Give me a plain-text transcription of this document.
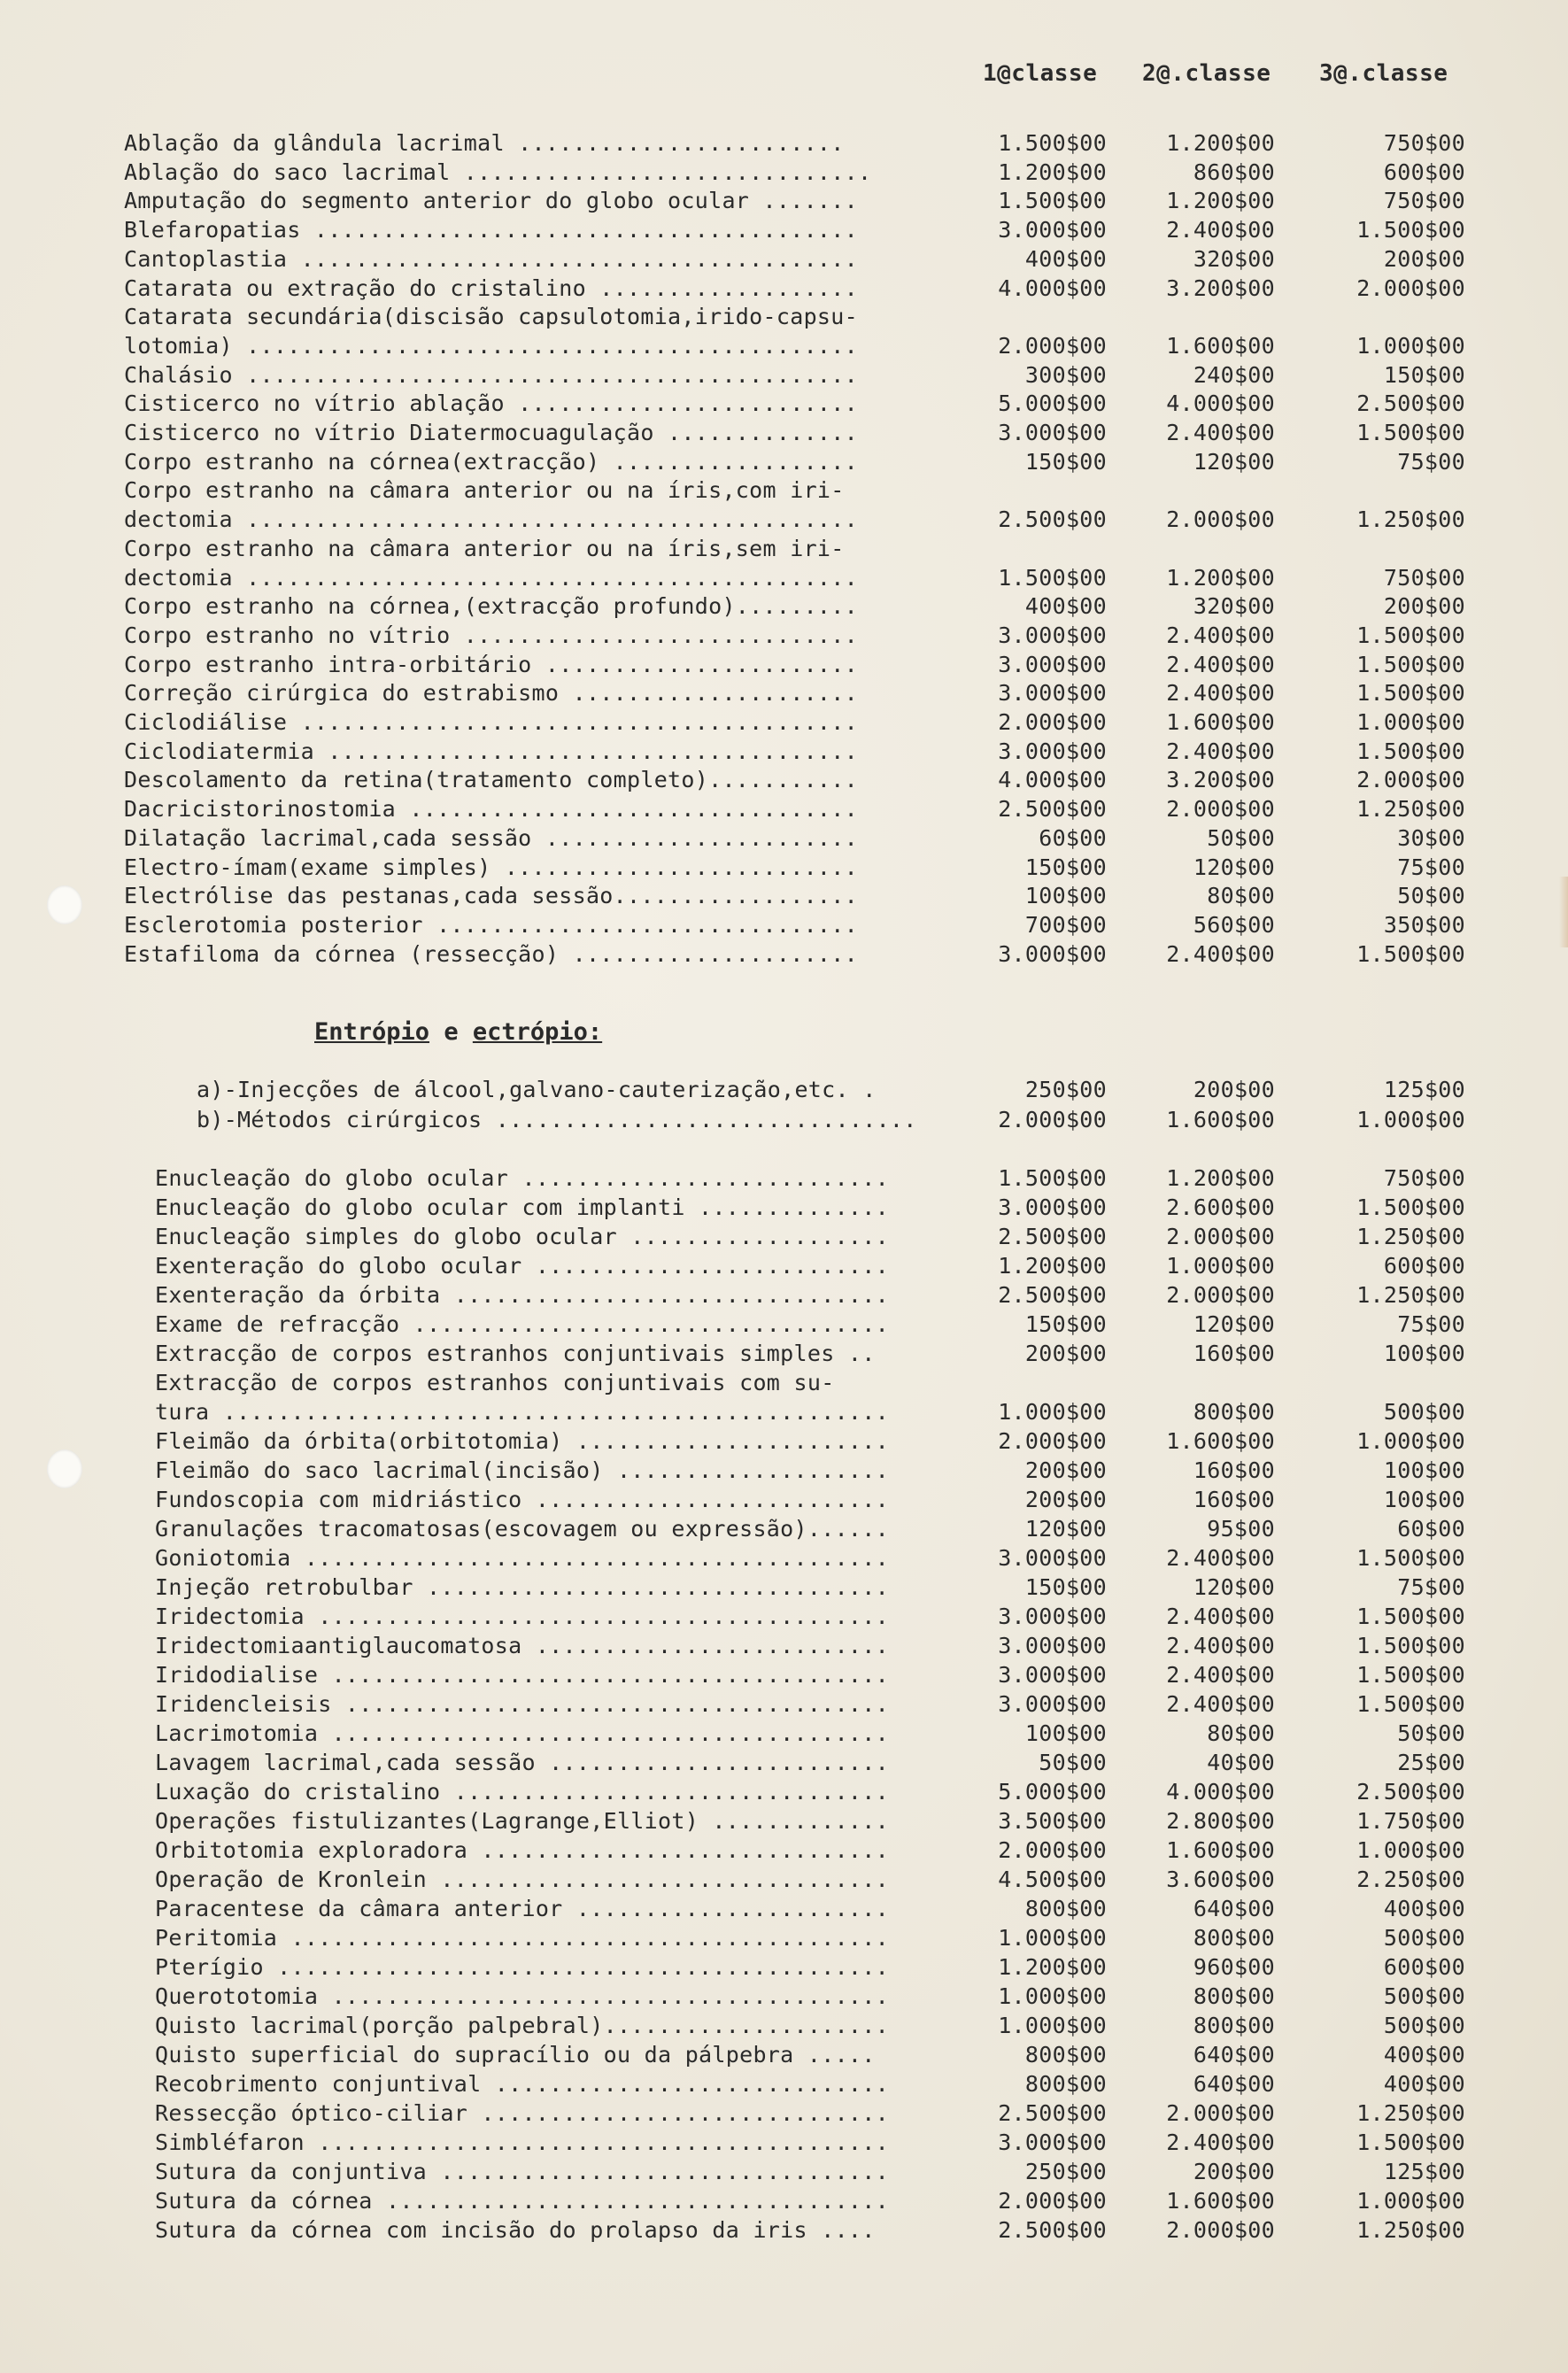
1@classe 2@.classe 3@.classe
Ablação da glândula lacrimal ........................	1.500$00	1.200$00	750$00
Ablação do saco lacrimal ..............................	1.200$00	860$00	600$00
Amputação do segmento anterior do globo ocular .......	1.500$00	1.200$00	750$00
Blefaropatias ........................................	3.000$00	2.400$00	1.500$00
Cantoplastia .........................................	400$00	320$00	200$00
Catarata ou extração do cristalino ...................	4.000$00	3.200$00	2.000$00
Catarata secundária(discisão capsulotomia,irido-capsu-
lotomia) .............................................	2.000$00	1.600$00	1.000$00
Chalásio .............................................	300$00	240$00	150$00
Cisticerco no vítrio ablação .........................	5.000$00	4.000$00	2.500$00
Cisticerco no vítrio Diatermocuagulação ..............	3.000$00	2.400$00	1.500$00
Corpo estranho na córnea(extracção) ..................	150$00	120$00	75$00
Corpo estranho na câmara anterior ou na íris,com iri-
dectomia .............................................	2.500$00	2.000$00	1.250$00
Corpo estranho na câmara anterior ou na íris,sem iri-
dectomia .............................................	1.500$00	1.200$00	750$00
Corpo estranho na córnea,(extracção profundo).........	400$00	320$00	200$00
Corpo estranho no vítrio .............................	3.000$00	2.400$00	1.500$00
Corpo estranho intra-orbitário .......................	3.000$00	2.400$00	1.500$00
Correção cirúrgica do estrabismo .....................	3.000$00	2.400$00	1.500$00
Ciclodiálise .........................................	2.000$00	1.600$00	1.000$00
Ciclodiatermia .......................................	3.000$00	2.400$00	1.500$00
Descolamento da retina(tratamento completo)...........	4.000$00	3.200$00	2.000$00
Dacricistorinostomia .................................	2.500$00	2.000$00	1.250$00
Dilatação lacrimal,cada sessão .......................	60$00	50$00	30$00
Electro-ímam(exame simples) ..........................	150$00	120$00	75$00
Electrólise das pestanas,cada sessão..................	100$00	80$00	50$00
Esclerotomia posterior ...............................	700$00	560$00	350$00
Estafiloma da córnea (ressecção) .....................	3.000$00	2.400$00	1.500$00
Entrópio e ectrópio:
a)-Injecções de álcool,galvano-cauterização,etc. .	250$00	200$00	125$00
b)-Métodos cirúrgicos ...............................	2.000$00	1.600$00	1.000$00
Enucleação do globo ocular ...........................	1.500$00	1.200$00	750$00
Enucleação do globo ocular com implanti ..............	3.000$00	2.600$00	1.500$00
Enucleação simples do globo ocular ...................	2.500$00	2.000$00	1.250$00
Exenteração do globo ocular ..........................	1.200$00	1.000$00	600$00
Exenteração da órbita ................................	2.500$00	2.000$00	1.250$00
Exame de refracção ...................................	150$00	120$00	75$00
Extracção de corpos estranhos conjuntivais simples ..	200$00	160$00	100$00
Extracção de corpos estranhos conjuntivais com su-
tura .................................................	1.000$00	800$00	500$00
Fleimão da órbita(orbitotomia) .......................	2.000$00	1.600$00	1.000$00
Fleimão do saco lacrimal(incisão) ....................	200$00	160$00	100$00
Fundoscopia com midriástico ..........................	200$00	160$00	100$00
Granulações tracomatosas(escovagem ou expressão)......	120$00	95$00	60$00
Goniotomia ...........................................	3.000$00	2.400$00	1.500$00
Injeção retrobulbar ..................................	150$00	120$00	75$00
Iridectomia ..........................................	3.000$00	2.400$00	1.500$00
Iridectomiaantiglaucomatosa ..........................	3.000$00	2.400$00	1.500$00
Iridodialise .........................................	3.000$00	2.400$00	1.500$00
Iridencleisis ........................................	3.000$00	2.400$00	1.500$00
Lacrimotomia .........................................	100$00	80$00	50$00
Lavagem lacrimal,cada sessão .........................	50$00	40$00	25$00
Luxação do cristalino ................................	5.000$00	4.000$00	2.500$00
Operações fistulizantes(Lagrange,Elliot) .............	3.500$00	2.800$00	1.750$00
Orbitotomia exploradora ..............................	2.000$00	1.600$00	1.000$00
Operação de Kronlein .................................	4.500$00	3.600$00	2.250$00
Paracentese da câmara anterior .......................	800$00	640$00	400$00
Peritomia ............................................	1.000$00	800$00	500$00
Pterígio .............................................	1.200$00	960$00	600$00
Querototomia .........................................	1.000$00	800$00	500$00
Quisto lacrimal(porção palpebral).....................	1.000$00	800$00	500$00
Quisto superficial do supracílio ou da pálpebra .....	800$00	640$00	400$00
Recobrimento conjuntival .............................	800$00	640$00	400$00
Ressecção óptico-ciliar ..............................	2.500$00	2.000$00	1.250$00
Simbléfaron ..........................................	3.000$00	2.400$00	1.500$00
Sutura da conjuntiva .................................	250$00	200$00	125$00
Sutura da córnea .....................................	2.000$00	1.600$00	1.000$00
Sutura da córnea com incisão do prolapso da iris ....	2.500$00	2.000$00	1.250$00
